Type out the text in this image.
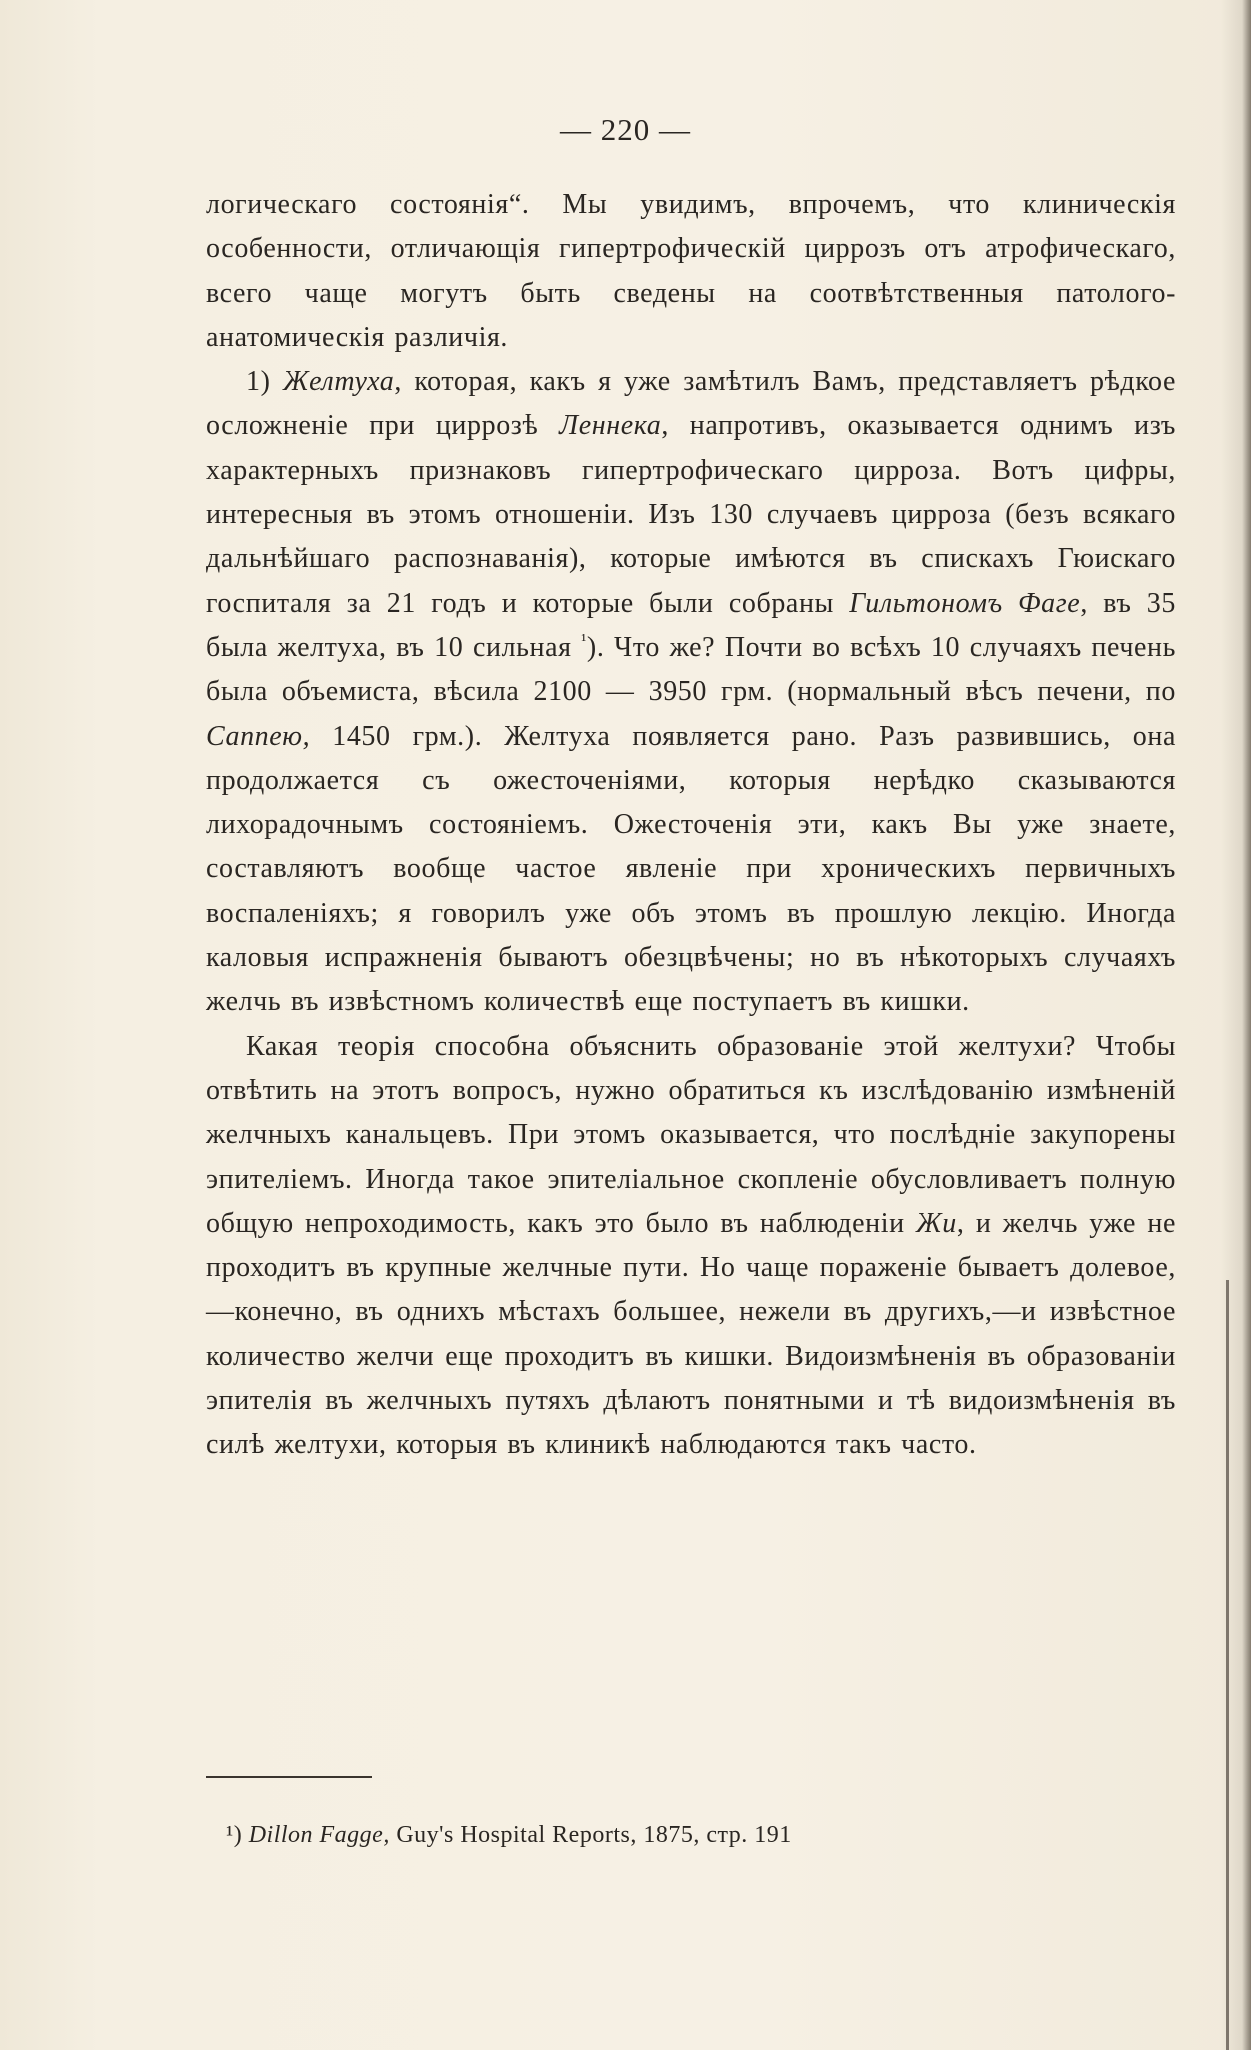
— 220 —

логическаго состоянія“. Мы увидимъ, впрочемъ, что клиническія особенности, отличающія гипертрофическій циррозъ отъ атрофическаго, всего чаще могутъ быть сведены на соотвѣтственныя патолого-анатомическія различія.

1) Желтуха, которая, какъ я уже замѣтилъ Вамъ, представляетъ рѣдкое осложненіе при циррозѣ Леннека, напротивъ, оказывается однимъ изъ характерныхъ признаковъ гипертрофическаго цирроза. Вотъ цифры, интересныя въ этомъ отношеніи. Изъ 130 случаевъ цирроза (безъ всякаго дальнѣйшаго распознаванія), которые имѣются въ спискахъ Гюискаго госпиталя за 21 годъ и которые были собраны Гильтономъ Фаге, въ 35 была желтуха, въ 10 сильная $^{^1}$). Что же? Почти во всѣхъ 10 случаяхъ печень была объемиста, вѣсила 2100 — 3950 грм. (нормальный вѣсъ печени, по Саппею, 1450 грм.). Желтуха появляется рано. Разъ развившись, она продолжается съ ожесточеніями, которыя нерѣдко сказываются лихорадочнымъ состояніемъ. Ожесточенія эти, какъ Вы уже знаете, составляютъ вообще частое явленіе при хроническихъ первичныхъ воспаленіяхъ; я говорилъ уже объ этомъ въ прошлую лекцію. Иногда каловыя испражненія бываютъ обезцвѣчены; но въ нѣкоторыхъ случаяхъ желчь въ извѣстномъ количествѣ еще поступаетъ въ кишки.

Какая теорія способна объяснить образованіе этой желтухи? Чтобы отвѣтить на этотъ вопросъ, нужно обратиться къ изслѣдованію измѣненій желчныхъ канальцевъ. При этомъ оказывается, что послѣдніе закупорены эпителіемъ. Иногда такое эпителіальное скопленіе обусловливаетъ полную общую непроходимость, какъ это было въ наблюденіи Жи, и желчь уже не проходитъ въ крупные желчные пути. Но чаще пораженіе бываетъ долевое,—конечно, въ однихъ мѣстахъ большее, нежели въ другихъ,—и извѣстное количество желчи еще проходитъ въ кишки. Видоизмѣненія въ образованіи эпителія въ желчныхъ путяхъ дѣлаютъ понятными и тѣ видоизмѣненія въ силѣ желтухи, которыя въ клиникѣ наблюдаются такъ часто.

¹) Dillon Fagge, Guy's Hospital Reports, 1875, стр. 191
